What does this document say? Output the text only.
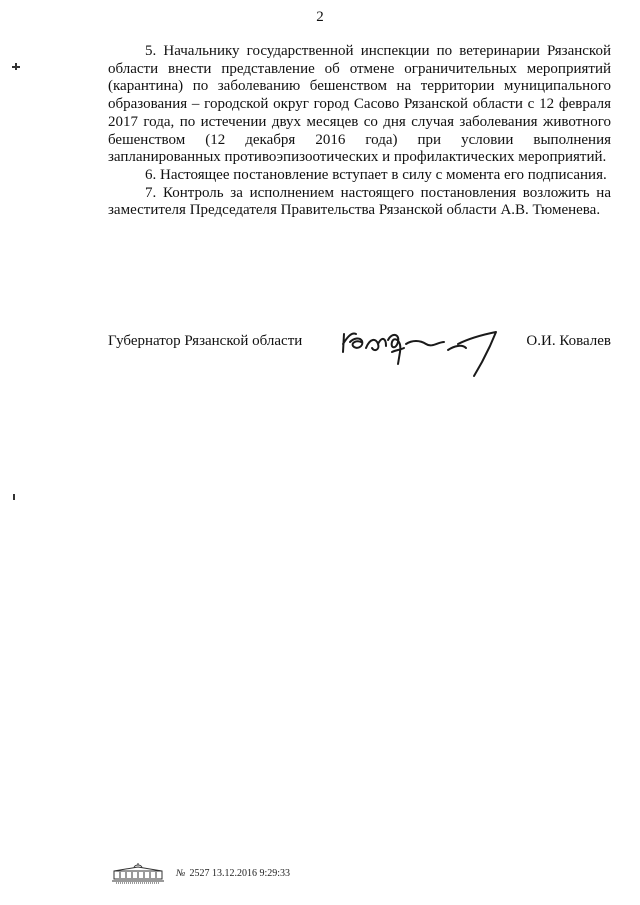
2

5. Начальнику государственной инспекции по ветеринарии Рязанской области внести представление об отмене ограничительных мероприятий (карантина) по заболеванию бешенством на территории муниципального образования – городской округ город Сасово Рязанской области с 12 февраля 2017 года, по истечении двух месяцев со дня случая заболевания животного бешенством (12 декабря 2016 года) при условии выполнения запланированных противоэпизоотических и профилактических мероприятий.

6. Настоящее постановление вступает в силу с момента его подписания.

7. Контроль за исполнением настоящего постановления возложить на заместителя Председателя Правительства Рязанской области А.В. Тюменева.

Губернатор Рязанской области	О.И. Ковалев
№ 2527 13.12.2016 9:29:33
